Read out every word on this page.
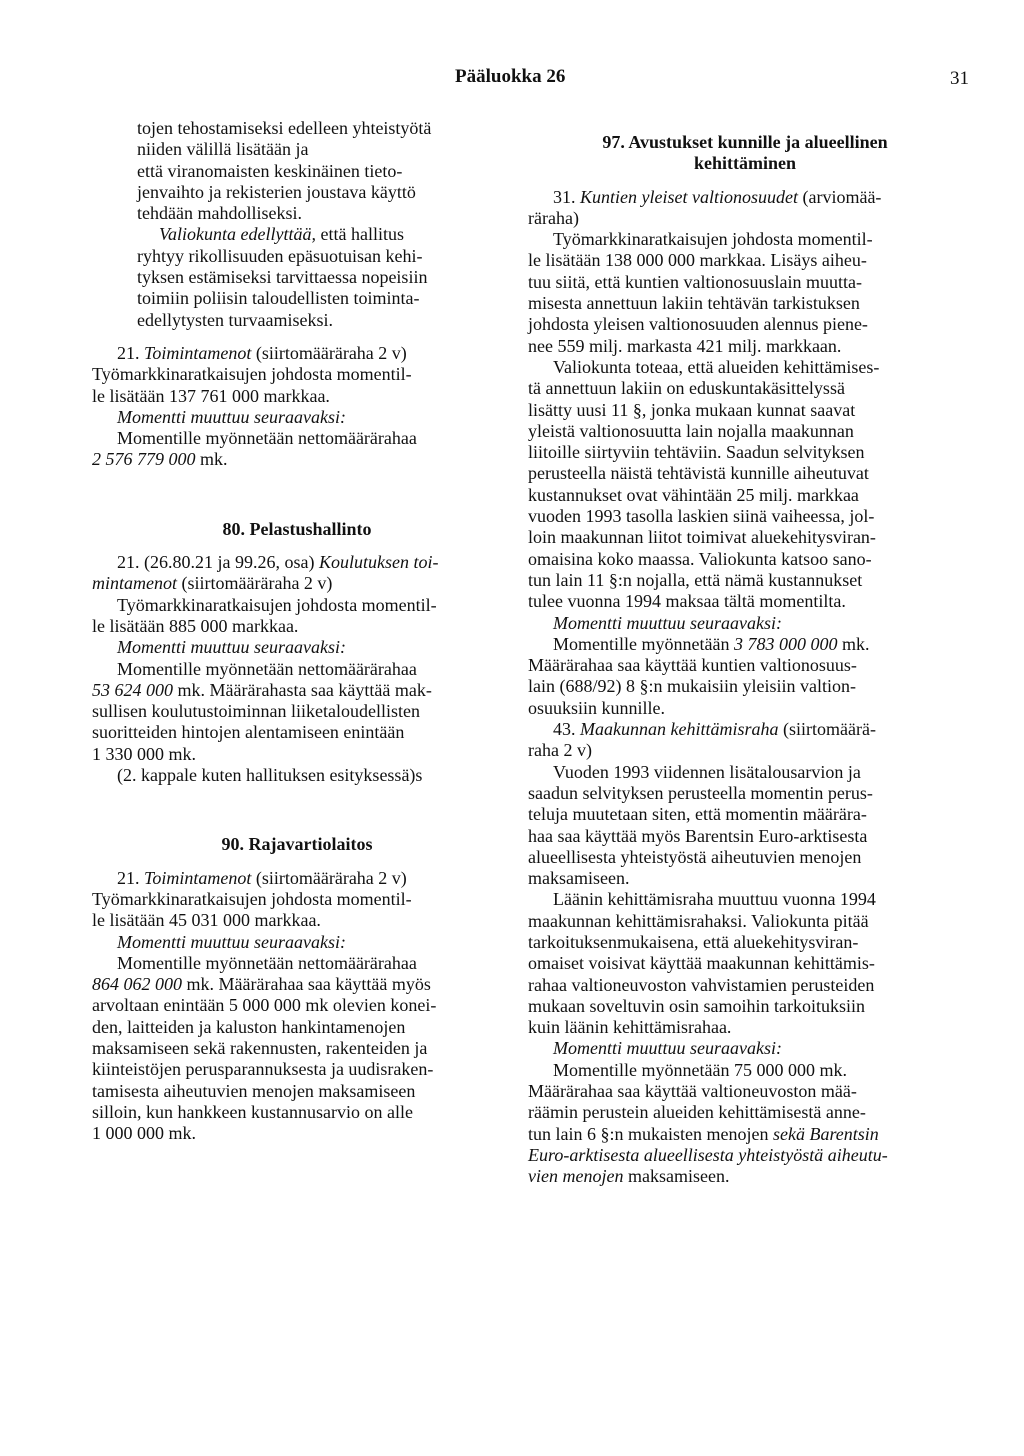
Pääluokka 26	31
tojen tehostamiseksi edelleen yhteistyötä
niiden välillä lisätään ja
että viranomaisten keskinäinen tieto-
jenvaihto ja rekisterien joustava käyttö
tehdään mahdolliseksi.
Valiokunta edellyttää, että hallitus
ryhtyy rikollisuuden epäsuotuisan kehi-
tyksen estämiseksi tarvittaessa nopeisiin
toimiin poliisin taloudellisten toiminta-
edellytysten turvaamiseksi.
21. Toimintamenot (siirtomääräraha 2 v)
Työmarkkinaratkaisujen johdosta momentil-
le lisätään 137 761 000 markkaa.
Momentti muuttuu seuraavaksi:
Momentille myönnetään nettomäärärahaa
2 576 779 000 mk.
80. Pelastushallinto
21. (26.80.21 ja 99.26, osa) Koulutuksen toi-
mintamenot (siirtomääräraha 2 v)
Työmarkkinaratkaisujen johdosta momentil-
le lisätään 885 000 markkaa.
Momentti muuttuu seuraavaksi:
Momentille myönnetään nettomäärärahaa
53 624 000 mk. Määrärahasta saa käyttää mak-
sullisen koulutustoiminnan liiketaloudellisten
suoritteiden hintojen alentamiseen enintään
1 330 000 mk.
(2. kappale kuten hallituksen esityksessä)s
90. Rajavartiolaitos
21. Toimintamenot (siirtomääräraha 2 v)
Työmarkkinaratkaisujen johdosta momentil-
le lisätään 45 031 000 markkaa.
Momentti muuttuu seuraavaksi:
Momentille myönnetään nettomäärärahaa
864 062 000 mk. Määrärahaa saa käyttää myös
arvoltaan enintään 5 000 000 mk olevien konei-
den, laitteiden ja kaluston hankintamenojen
maksamiseen sekä rakennusten, rakenteiden ja
kiinteistöjen perusparannuksesta ja uudisraken-
tamisesta aiheutuvien menojen maksamiseen
silloin, kun hankkeen kustannusarvio on alle
1 000 000 mk.
97. Avustukset kunnille ja alueellinen
kehittäminen
31. Kuntien yleiset valtionosuudet (arviomää-
räraha)
Työmarkkinaratkaisujen johdosta momentil-
le lisätään 138 000 000 markkaa. Lisäys aiheu-
tuu siitä, että kuntien valtionosuuslain muutta-
misesta annettuun lakiin tehtävän tarkistuksen
johdosta yleisen valtionosuuden alennus piene-
nee 559 milj. markasta 421 milj. markkaan.
Valiokunta toteaa, että alueiden kehittämises-
tä annettuun lakiin on eduskuntakäsittelyssä
lisätty uusi 11 §, jonka mukaan kunnat saavat
yleistä valtionosuutta lain nojalla maakunnan
liitoille siirtyviin tehtäviin. Saadun selvityksen
perusteella näistä tehtävistä kunnille aiheutuvat
kustannukset ovat vähintään 25 milj. markkaa
vuoden 1993 tasolla laskien siinä vaiheessa, jol-
loin maakunnan liitot toimivat aluekehitysviran-
omaisina koko maassa. Valiokunta katsoo sano-
tun lain 11 §:n nojalla, että nämä kustannukset
tulee vuonna 1994 maksaa tältä momentilta.
Momentti muuttuu seuraavaksi:
Momentille myönnetään 3 783 000 000 mk.
Määrärahaa saa käyttää kuntien valtionosuus-
lain (688/92) 8 §:n mukaisiin yleisiin valtion-
osuuksiin kunnille.
43. Maakunnan kehittämisraha (siirtomäärä-
raha 2 v)
Vuoden 1993 viidennen lisätalousarvion ja
saadun selvityksen perusteella momentin perus-
teluja muutetaan siten, että momentin määrära-
haa saa käyttää myös Barentsin Euro-arktisesta
alueellisesta yhteistyöstä aiheutuvien menojen
maksamiseen.
Läänin kehittämisraha muuttuu vuonna 1994
maakunnan kehittämisrahaksi. Valiokunta pitää
tarkoituksenmukaisena, että aluekehitysviran-
omaiset voisivat käyttää maakunnan kehittämis-
rahaa valtioneuvoston vahvistamien perusteiden
mukaan soveltuvin osin samoihin tarkoituksiin
kuin läänin kehittämisrahaa.
Momentti muuttuu seuraavaksi:
Momentille myönnetään 75 000 000 mk.
Määrärahaa saa käyttää valtioneuvoston mää-
räämin perustein alueiden kehittämisestä anne-
tun lain 6 §:n mukaisten menojen sekä Barentsin
Euro-arktisesta alueellisesta yhteistyöstä aiheutu-
vien menojen maksamiseen.
